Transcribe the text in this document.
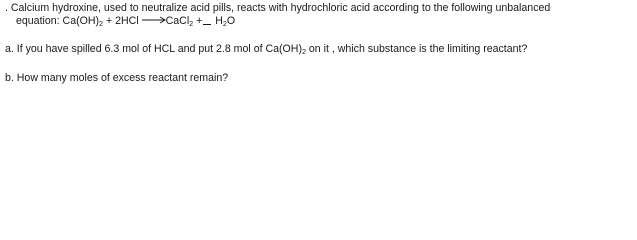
. Calcium hydroxine, used to neutralize acid pills, reacts with hydrochloric acid according to the following unbalanced
equation: $Ca(OH)_2 + 2HCl$ →CaCl$_2$ + $H_2O$
a. If you have spilled 6.3 mol of HCL and put 2.8 mol of $Ca(OH)_2$ on it , which substance is the limiting reactant?
b. How many moles of excess reactant remain?
